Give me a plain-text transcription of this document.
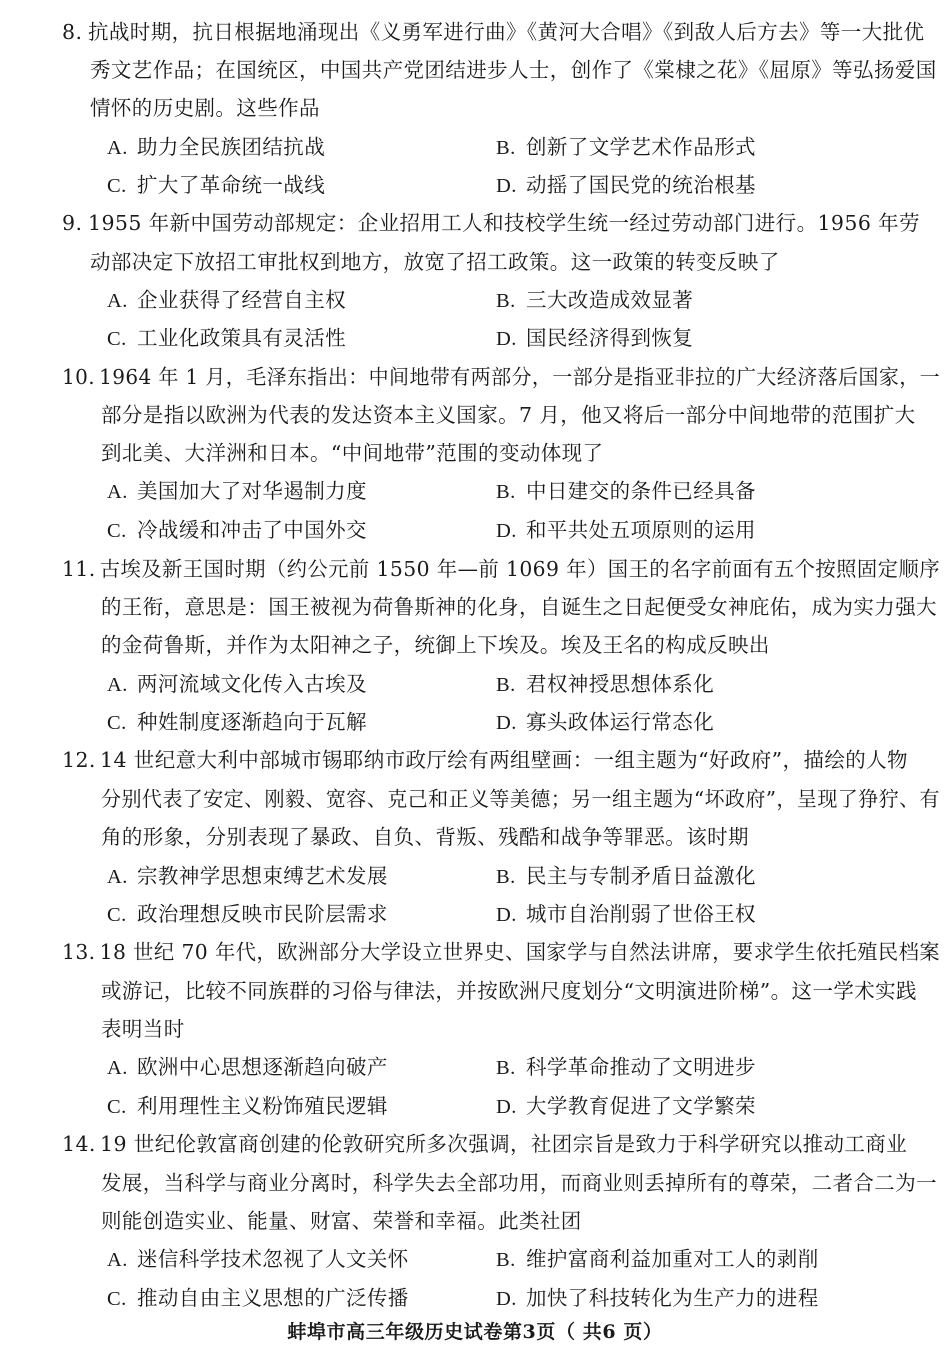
8. 抗战时期，抗日根据地涌现出《义勇军进行曲》《黄河大合唱》《到敌人后方去》等一大批优
秀文艺作品；在国统区，中国共产党团结进步人士，创作了《棠棣之花》《屈原》等弘扬爱国
情怀的历史剧。这些作品
A. 助力全民族团结抗战	B. 创新了文学艺术作品形式
C. 扩大了革命统一战线	D. 动摇了国民党的统治根基
9. 1955 年新中国劳动部规定：企业招用工人和技校学生统一经过劳动部门进行。1956 年劳
动部决定下放招工审批权到地方，放宽了招工政策。这一政策的转变反映了
A. 企业获得了经营自主权	B. 三大改造成效显著
C. 工业化政策具有灵活性	D. 国民经济得到恢复
10. 1964 年 1 月，毛泽东指出：中间地带有两部分，一部分是指亚非拉的广大经济落后国家，一
部分是指以欧洲为代表的发达资本主义国家。7 月，他又将后一部分中间地带的范围扩大
到北美、大洋洲和日本。“中间地带”范围的变动体现了
A. 美国加大了对华遏制力度	B. 中日建交的条件已经具备
C. 冷战缓和冲击了中国外交	D. 和平共处五项原则的运用
11. 古埃及新王国时期（约公元前 1550 年—前 1069 年）国王的名字前面有五个按照固定顺序
的王衔，意思是：国王被视为荷鲁斯神的化身，自诞生之日起便受女神庇佑，成为实力强大
的金荷鲁斯，并作为太阳神之子，统御上下埃及。埃及王名的构成反映出
A. 两河流域文化传入古埃及	B. 君权神授思想体系化
C. 种姓制度逐渐趋向于瓦解	D. 寡头政体运行常态化
12. 14 世纪意大利中部城市锡耶纳市政厅绘有两组壁画：一组主题为“好政府”，描绘的人物
分别代表了安定、刚毅、宽容、克己和正义等美德；另一组主题为“坏政府”，呈现了狰狞、有
角的形象，分别表现了暴政、自负、背叛、残酷和战争等罪恶。该时期
A. 宗教神学思想束缚艺术发展	B. 民主与专制矛盾日益激化
C. 政治理想反映市民阶层需求	D. 城市自治削弱了世俗王权
13. 18 世纪 70 年代，欧洲部分大学设立世界史、国家学与自然法讲席，要求学生依托殖民档案
或游记，比较不同族群的习俗与律法，并按欧洲尺度划分“文明演进阶梯”。这一学术实践
表明当时
A. 欧洲中心思想逐渐趋向破产	B. 科学革命推动了文明进步
C. 利用理性主义粉饰殖民逻辑	D. 大学教育促进了文学繁荣
14. 19 世纪伦敦富商创建的伦敦研究所多次强调，社团宗旨是致力于科学研究以推动工商业
发展，当科学与商业分离时，科学失去全部功用，而商业则丢掉所有的尊荣，二者合二为一
则能创造实业、能量、财富、荣誉和幸福。此类社团
A. 迷信科学技术忽视了人文关怀	B. 维护富商利益加重对工人的剥削
C. 推动自由主义思想的广泛传播	D. 加快了科技转化为生产力的进程
蚌埠市高三年级历史试卷第3页（ 共6 页）
